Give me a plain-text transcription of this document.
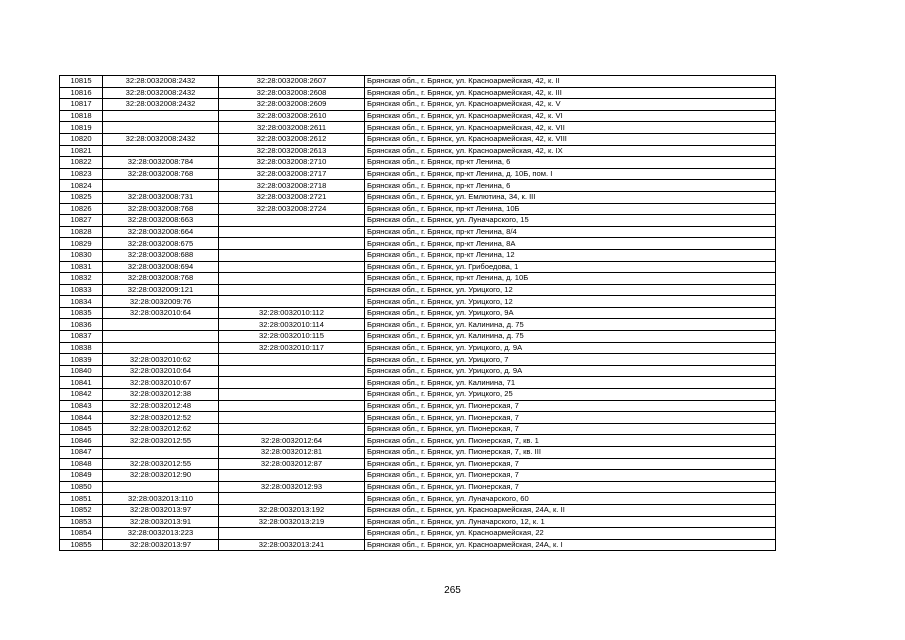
10815	32:28:0032008:2432	32:28:0032008:2607	Брянская обл., г. Брянск, ул. Красноармейская, 42, к. II
10816	32:28:0032008:2432	32:28:0032008:2608	Брянская обл., г. Брянск, ул. Красноармейская, 42, к. III
10817	32:28:0032008:2432	32:28:0032008:2609	Брянская обл., г. Брянск, ул. Красноармейская, 42, к. V
10818		32:28:0032008:2610	Брянская обл., г. Брянск, ул. Красноармейская, 42, к. VI
10819		32:28:0032008:2611	Брянская обл., г. Брянск, ул. Красноармейская, 42, к. VII
10820	32:28:0032008:2432	32:28:0032008:2612	Брянская обл., г. Брянск, ул. Красноармейская, 42, к. VIII
10821		32:28:0032008:2613	Брянская обл., г. Брянск, ул. Красноармейская, 42, к. IX
10822	32:28:0032008:784	32:28:0032008:2710	Брянская обл., г. Брянск, пр-кт Ленина, 6
10823	32:28:0032008:768	32:28:0032008:2717	Брянская обл., г. Брянск, пр-кт Ленина, д. 10Б, пом. I
10824		32:28:0032008:2718	Брянская обл., г. Брянск, пр-кт Ленина, 6
10825	32:28:0032008:731	32:28:0032008:2721	Брянская обл., г. Брянск, ул. Емлютина, 34, к. III
10826	32:28:0032008:768	32:28:0032008:2724	Брянская обл., г. Брянск, пр-кт Ленина, 10Б
10827	32:28:0032008:663		Брянская обл., г. Брянск, ул. Луначарского, 15
10828	32:28:0032008:664		Брянская обл., г. Брянск, пр-кт Ленина, 8/4
10829	32:28:0032008:675		Брянская обл., г. Брянск, пр-кт Ленина, 8А
10830	32:28:0032008:688		Брянская обл., г. Брянск, пр-кт Ленина, 12
10831	32:28:0032008:694		Брянская обл., г. Брянск, ул. Грибоедова, 1
10832	32:28:0032008:768		Брянская обл., г. Брянск, пр-кт Ленина, д. 10Б
10833	32:28:0032009:121		Брянская обл., г. Брянск, ул. Урицкого, 12
10834	32:28:0032009:76		Брянская обл., г. Брянск, ул. Урицкого, 12
10835	32:28:0032010:64	32:28:0032010:112	Брянская обл., г. Брянск, ул. Урицкого, 9А
10836		32:28:0032010:114	Брянская обл., г. Брянск, ул. Калинина, д. 75
10837		32:28:0032010:115	Брянская обл., г. Брянск, ул. Калинина, д. 75
10838		32:28:0032010:117	Брянская обл., г. Брянск, ул. Урицкого, д. 9А
10839	32:28:0032010:62		Брянская обл., г. Брянск, ул. Урицкого, 7
10840	32:28:0032010:64		Брянская обл., г. Брянск, ул. Урицкого, д. 9А
10841	32:28:0032010:67		Брянская обл., г. Брянск, ул. Калинина, 71
10842	32:28:0032012:38		Брянская обл., г. Брянск, ул. Урицкого, 25
10843	32:28:0032012:48		Брянская обл., г. Брянск, ул. Пионерская, 7
10844	32:28:0032012:52		Брянская обл., г. Брянск, ул. Пионерская, 7
10845	32:28:0032012:62		Брянская обл., г. Брянск, ул. Пионерская, 7
10846	32:28:0032012:55	32:28:0032012:64	Брянская обл., г. Брянск, ул. Пионерская, 7, кв. 1
10847		32:28:0032012:81	Брянская обл., г. Брянск, ул. Пионерская, 7, кв. III
10848	32:28:0032012:55	32:28:0032012:87	Брянская обл., г. Брянск, ул. Пионерская, 7
10849	32:28:0032012:90		Брянская обл., г. Брянск, ул. Пионерская, 7
10850		32:28:0032012:93	Брянская обл., г. Брянск, ул. Пионерская, 7
10851	32:28:0032013:110		Брянская обл., г. Брянск, ул. Луначарского, 60
10852	32:28:0032013:97	32:28:0032013:192	Брянская обл., г. Брянск, ул. Красноармейская, 24А, к. II
10853	32:28:0032013:91	32:28:0032013:219	Брянская обл., г. Брянск, ул. Луначарского, 12, к. 1
10854	32:28:0032013:223		Брянская обл., г. Брянск, ул. Красноармейская, 22
10855	32:28:0032013:97	32:28:0032013:241	Брянская обл., г. Брянск, ул. Красноармейская, 24А, к. I
265
